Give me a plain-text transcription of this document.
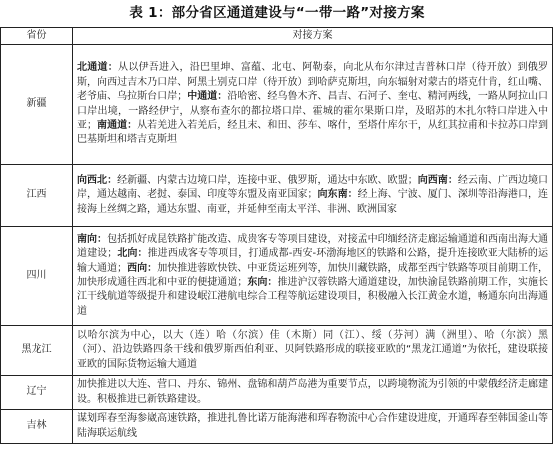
表 1：部分省区通道建设与“一带一路”对接方案
省份	对接方案
新疆	北通道：从以伊吾进入，沿巴里坤、富蕴、北屯、阿勒泰，向北从布尔津过吉普林口岸（待开放）到俄罗斯，向西过吉木乃口岸、阿黑土别克口岸（待开放）到哈萨克斯坦，向东辐射对蒙古的塔克什肯，红山嘴、老爷庙、乌拉斯台口岸；中通道：沿哈密、经乌鲁木齐、昌吉、石河子、奎屯、精河两线，一路从阿拉山口口岸出境，一路经伊宁，从察布查尔的都拉塔口岸、霍城的霍尔果斯口岸，及昭苏的木扎尔特口岸进入中亚；南通道：从若羌进入若羌后，经且末、和田、莎车、喀什，至塔什库尔干，从红其拉甫和卡拉苏口岸到巴基斯坦和塔吉克斯坦
江西	向西北：经新疆、内蒙古边境口岸，连接中亚、俄罗斯，通达中东欧、欧盟；向西南：经云南、广西边境口岸，通达越南、老挝、泰国、印度等东盟及南亚国家；向东南：经上海、宁波、厦门、深圳等沿海港口，连接海上丝绸之路，通达东盟、南亚，并延伸至南太平洋、非洲、欧洲国家
四川	南向：包括抓好成昆铁路扩能改造、成贵客专等项目建设，对接孟中印缅经济走廊运输通道和西南出海大通道建设；北向：推进西成客专等项目，打通成都-西安-环渤海地区的铁路和公路，提升连接欧亚大陆桥的运输大通道；西向：加快推进蓉欧快铁、中亚货运班列等，加快川藏铁路，成都至西宁铁路等项目前期工作，加快形成通往西北和中亚的便捷通道；东向：推进沪汉蓉铁路大通道建设，加快渝昆铁路前期工作，实施长江干线航道等级提升和建设岷江港航电综合工程等航运建设项目，积极融入长江黄金水道，畅通东向出海通道
黑龙江	以哈尔滨为中心，以大（连）哈（尔滨）佳（木斯）同（江）、绥（芬河）满（洲里）、哈（尔滨）黑（河）、沿边铁路四条干线和俄罗斯西伯利亚、贝阿铁路形成的联接亚欧的“黑龙江通道”为依托，建设联接亚欧的国际货物运输大通道
辽宁	加快推进以大连、营口、丹东、锦州、盘锦和葫芦岛港为重要节点，以跨境物流为引领的中蒙俄经济走廊建设。积极推进已新铁路建设。
吉林	谋划珲春至海参崴高速铁路，推进扎鲁比诺万能海港和珲春物流中心合作建设进度，开通珲春至韩国釜山等陆海联运航线
